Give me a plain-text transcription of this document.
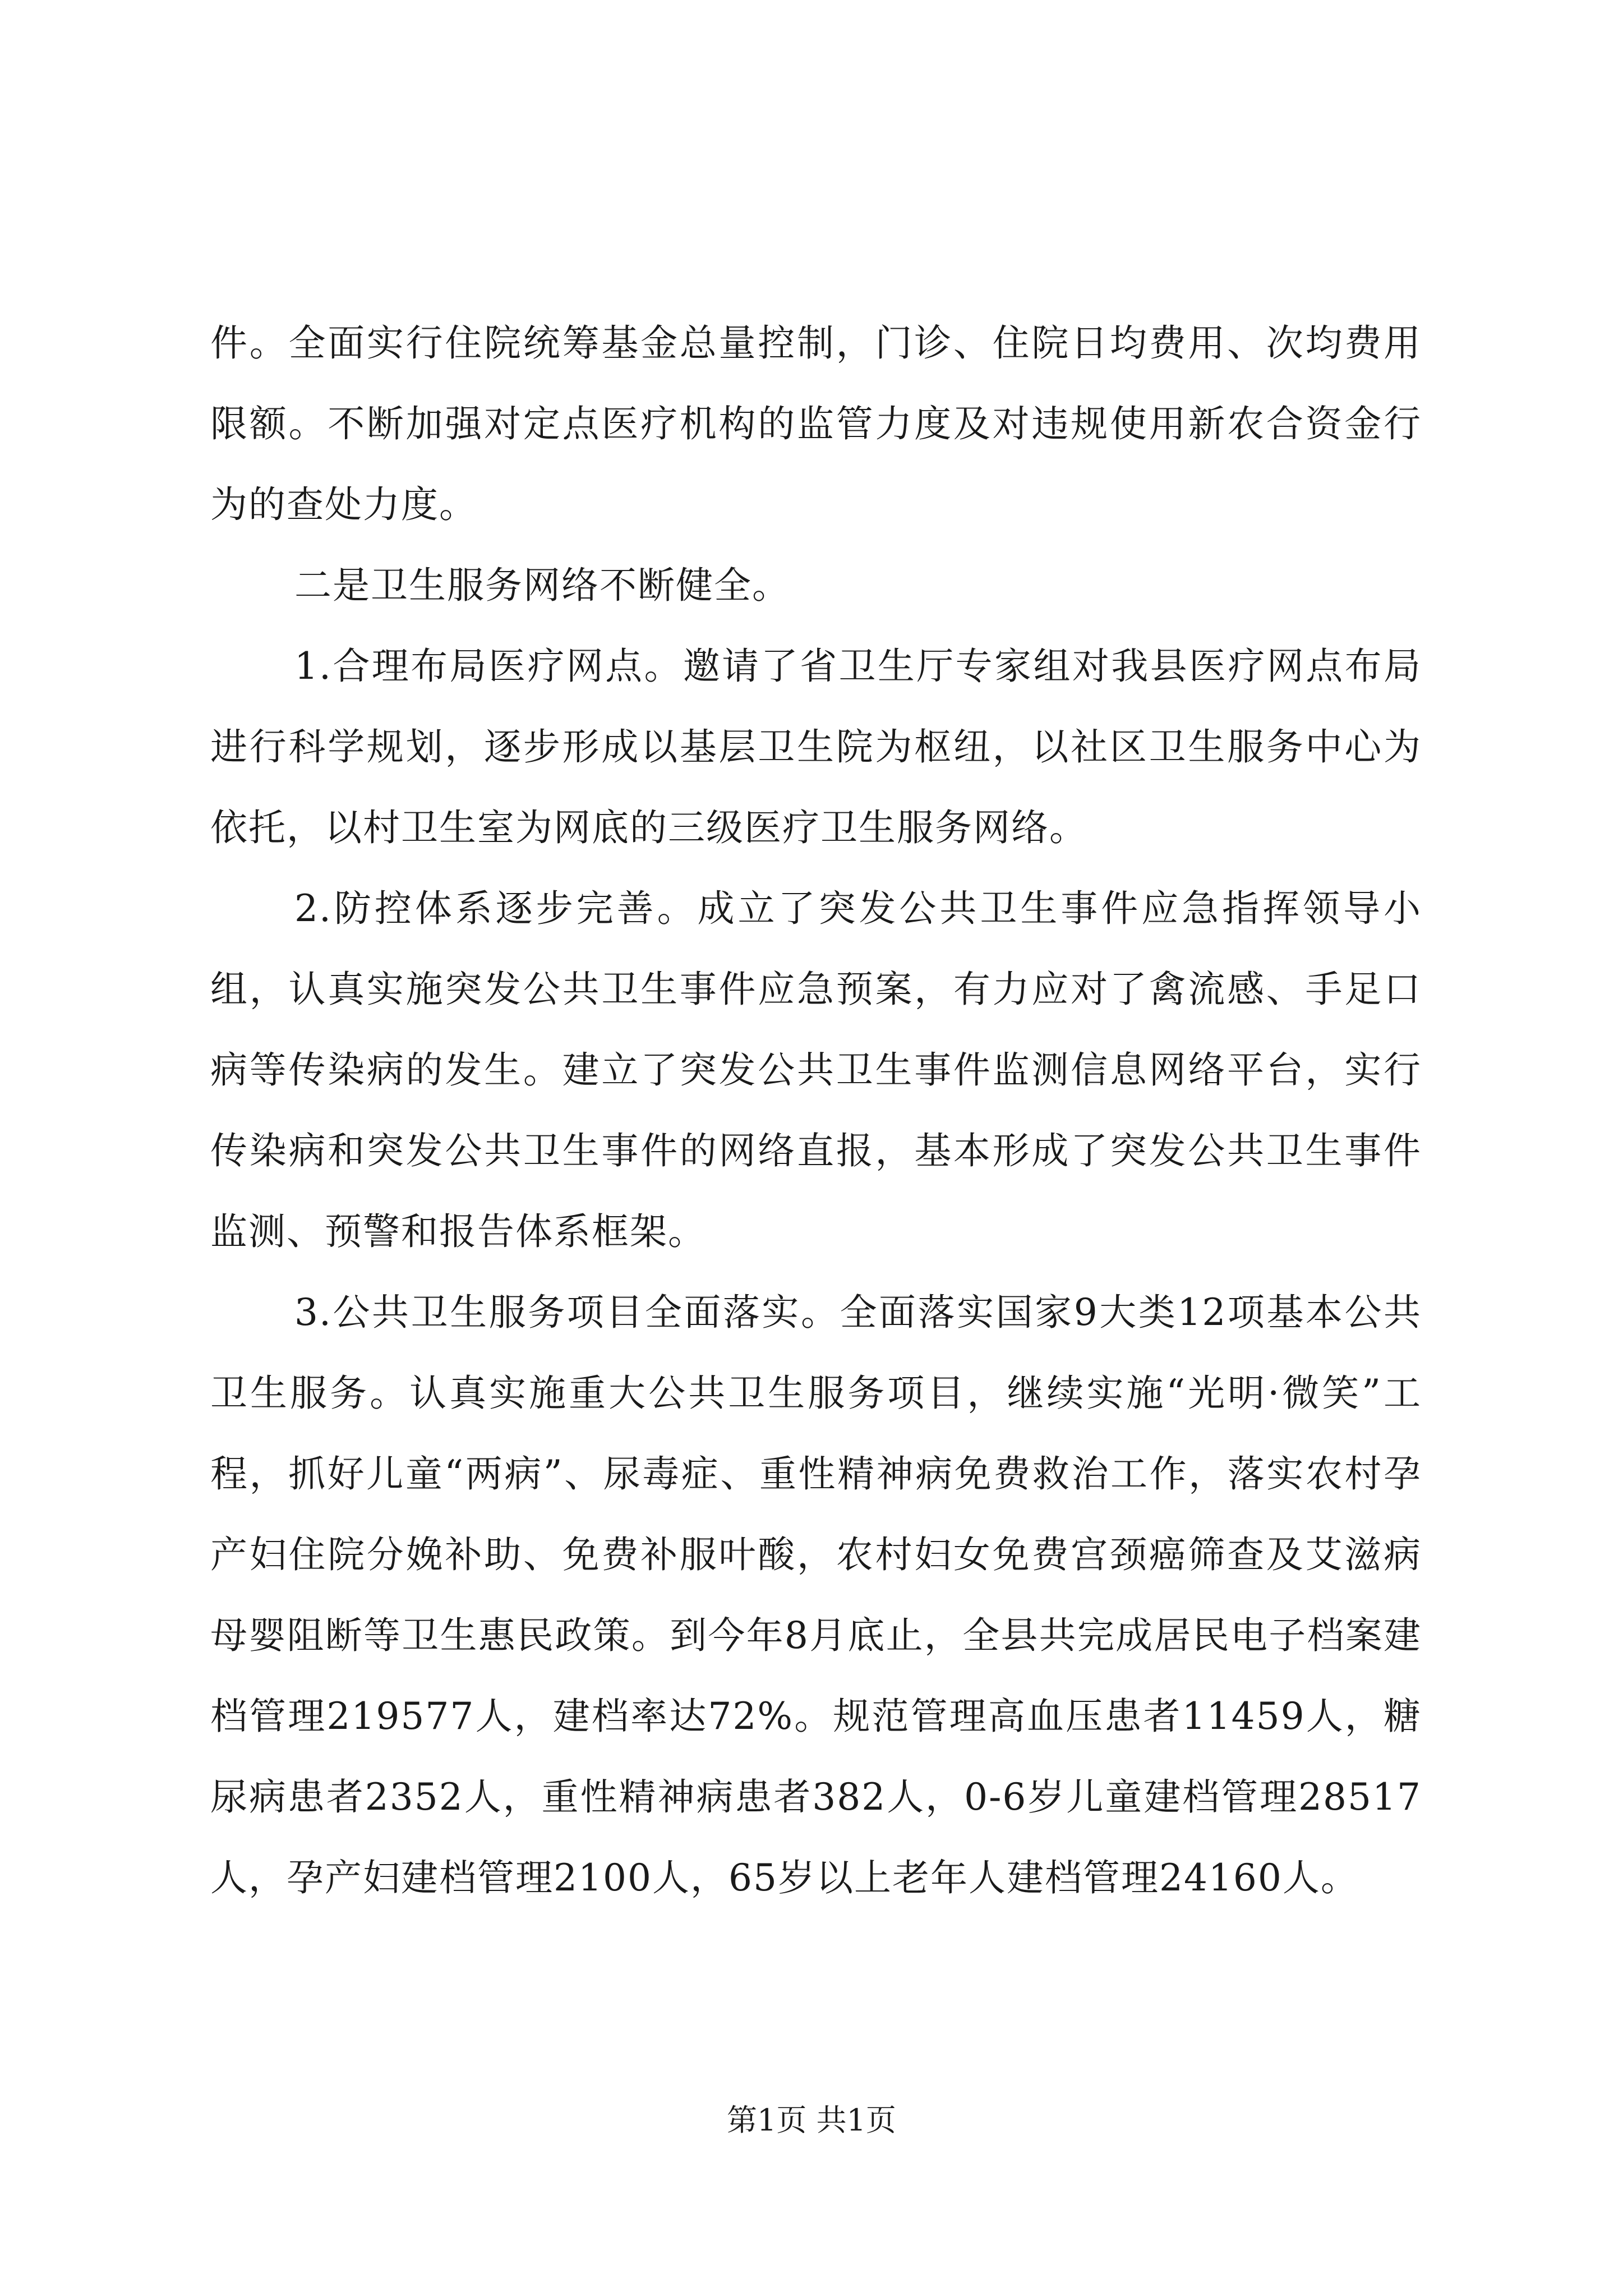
件。全面实行住院统筹基金总量控制，门诊、住院日均费用、次均费用限额。不断加强对定点医疗机构的监管力度及对违规使用新农合资金行为的查处力度。

二是卫生服务网络不断健全。

1.合理布局医疗网点。邀请了省卫生厅专家组对我县医疗网点布局进行科学规划，逐步形成以基层卫生院为枢纽，以社区卫生服务中心为依托，以村卫生室为网底的三级医疗卫生服务网络。

2.防控体系逐步完善。成立了突发公共卫生事件应急指挥领导小组，认真实施突发公共卫生事件应急预案，有力应对了禽流感、手足口病等传染病的发生。建立了突发公共卫生事件监测信息网络平台，实行传染病和突发公共卫生事件的网络直报，基本形成了突发公共卫生事件监测、预警和报告体系框架。

3.公共卫生服务项目全面落实。全面落实国家9大类12项基本公共卫生服务。认真实施重大公共卫生服务项目，继续实施“光明·微笑”工程，抓好儿童“两病”、尿毒症、重性精神病免费救治工作，落实农村孕产妇住院分娩补助、免费补服叶酸，农村妇女免费宫颈癌筛查及艾滋病母婴阻断等卫生惠民政策。到今年8月底止，全县共完成居民电子档案建档管理219577人，建档率达72%。规范管理高血压患者11459人，糖尿病患者2352人，重性精神病患者382人，0-6岁儿童建档管理28517人，孕产妇建档管理2100人，65岁以上老年人建档管理24160人。

第1页 共1页
